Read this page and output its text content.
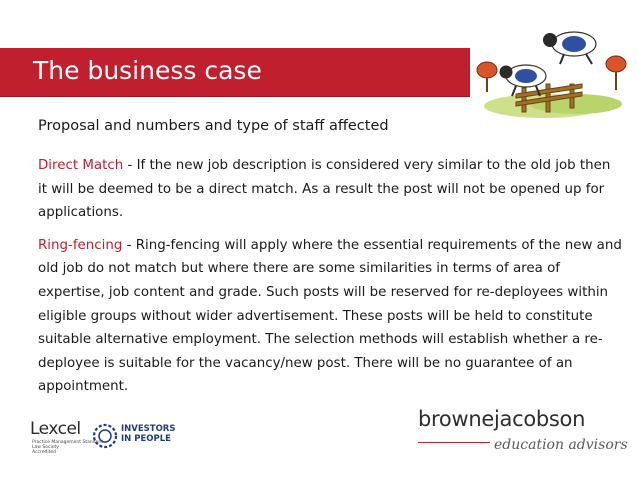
The business case

Proposal and numbers and type of staff affected

Direct Match - If the new job description is considered very similar to the old job then it will be deemed to be a direct match. As a result the post will not be opened up for applications.

Ring-fencing - Ring-fencing will apply where the essential requirements of the new and old job do not match but where there are some similarities in terms of area of expertise, job content and grade. Such posts will be reserved for re-deployees within eligible groups without wider advertisement. These posts will be held to constitute suitable alternative employment. The selection methods will establish whether a re-deployee is suitable for the vacancy/new post. There will be no guarantee of an appointment.

Lexcel
Practice Management Standard
Law Society
Accredited
INVESTORS
IN PEOPLE
brownejacobson
education advisors
